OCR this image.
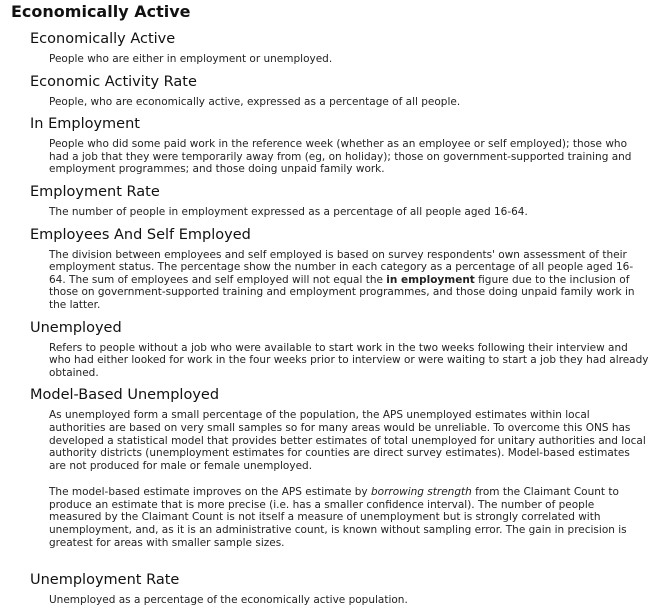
Economically Active
Economically Active

People who are either in employment or unemployed.

Economic Activity Rate

People, who are economically active, expressed as a percentage of all people.

In Employment

People who did some paid work in the reference week (whether as an employee or self employed); those who had a job that they were temporarily away from (eg, on holiday); those on government-supported training and employment programmes; and those doing unpaid family work.

Employment Rate

The number of people in employment expressed as a percentage of all people aged 16-64.

Employees And Self Employed

The division between employees and self employed is based on survey respondents' own assessment of their employment status. The percentage show the number in each category as a percentage of all people aged 16-64. The sum of employees and self employed will not equal the in employment figure due to the inclusion of those on government-supported training and employment programmes, and those doing unpaid family work in the latter.

Unemployed

Refers to people without a job who were available to start work in the two weeks following their interview and who had either looked for work in the four weeks prior to interview or were waiting to start a job they had already obtained.

Model-Based Unemployed

As unemployed form a small percentage of the population, the APS unemployed estimates within local authorities are based on very small samples so for many areas would be unreliable. To overcome this ONS has developed a statistical model that provides better estimates of total unemployed for unitary authorities and local authority districts (unemployment estimates for counties are direct survey estimates). Model-based estimates are not produced for male or female unemployed.

The model-based estimate improves on the APS estimate by borrowing strength from the Claimant Count to produce an estimate that is more precise (i.e. has a smaller confidence interval). The number of people measured by the Claimant Count is not itself a measure of unemployment but is strongly correlated with unemployment, and, as it is an administrative count, is known without sampling error. The gain in precision is greatest for areas with smaller sample sizes.

Unemployment Rate

Unemployed as a percentage of the economically active population.
